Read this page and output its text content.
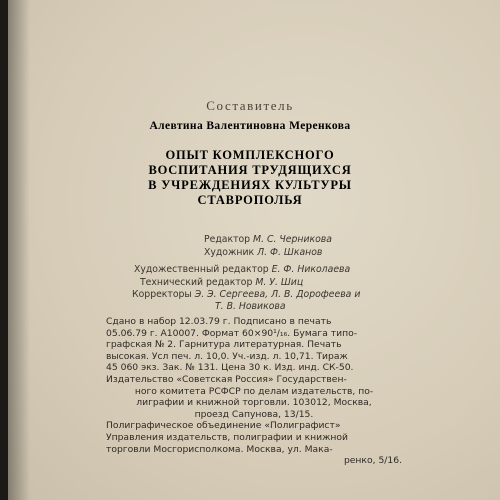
Составитель
Алевтина Валентиновна Меренкова
ОПЫТ КОМПЛЕКСНОГО
ВОСПИТАНИЯ ТРУДЯЩИХСЯ
В УЧРЕЖДЕНИЯХ КУЛЬТУРЫ
СТАВРОПОЛЬЯ
Редактор М. С. Черникова
Художник Л. Ф. Шканов
Художественный редактор Е. Ф. Николаева
Технический редактор М. У. Шиц
Корректоры Э. Э. Сергеева, Л. В. Дорофеева и
Т. В. Новикова
Сдано в набор 12.03.79 г. Подписано в печать
05.06.79 г. А10007. Формат 60×90¹/₁₆. Бумага типо-
графская № 2. Гарнитура литературная. Печать
высокая. Усл печ. л. 10,0. Уч.-изд. л. 10,71. Тираж
45 060 экз. Зак. № 131. Цена 30 к. Изд. инд. СК-50.
Издательство «Советская Россия» Государствен-
ного комитета РСФСР по делам издательств, по-
лиграфии и книжной торговли. 103012, Москва,
проезд Сапунова, 13/15.
Полиграфическое объединение «Полиграфист»
Управления издательств, полиграфии и книжной
торговли Мосгорисполкома. Москва, ул. Мака-
ренко, 5/16.
